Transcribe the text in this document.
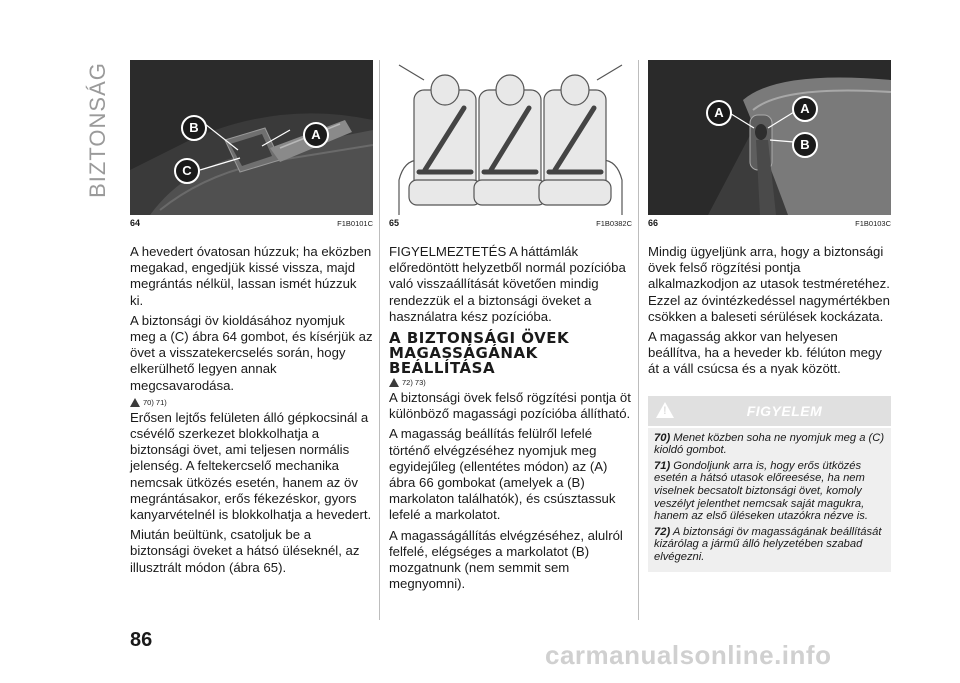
BIZTONSÁG	B	A
C
64	F1B0101C

A hevedert óvatosan húzzuk; ha eközben megakad, engedjük kissé vissza, majd megrántás nélkül, lassan ismét húzzuk ki.

A biztonsági öv kioldásához nyomjuk meg a (C) ábra 64 gombot, és kísérjük az övet a visszatekercselés során, hogy elkerülhető legyen annak megcsavarodása.

70) 71)

Erősen lejtős felületen álló gépkocsinál a csévélő szerkezet blokkolhatja a biztonsági övet, ami teljesen normális jelenség. A feltekercselő mechanika nemcsak ütközés esetén, hanem az öv megrántásakor, erős fékezéskor, gyors kanyarvételnél is blokkolhatja a hevedert.

Miután beültünk, csatoljuk be a biztonsági öveket a hátsó üléseknél, az illusztrált módon (ábra 65).

65	F1B0382C

FIGYELMEZTETÉS A háttámlák előredöntött helyzetből normál pozícióba való visszaállítását követően mindig rendezzük el a biztonsági öveket a használatra kész pozícióba.

A BIZTONSÁGI ÖVEK MAGASSÁGÁNAK BEÁLLÍTÁSA
72) 73)

A biztonsági övek felső rögzítési pontja öt különböző magassági pozícióba állítható.

A magasság beállítás felülről lefelé történő elvégzéséhez nyomjuk meg egyidejűleg (ellentétes módon) az (A) ábra 66 gombokat (amelyek a (B) markolaton találhatók), és csúsztassuk lefelé a markolatot.

A magasságállítás elvégzéséhez, alulról felfelé, elégséges a markolatot (B) mozgatnunk (nem semmit sem megnyomni).

A	A
B
66	F1B0103C

Mindig ügyeljünk arra, hogy a biztonsági övek felső rögzítési pontja alkalmazkodjon az utasok testméretéhez. Ezzel az óvintézkedéssel nagymértékben csökken a baleseti sérülések kockázata.

A magasság akkor van helyesen beállítva, ha a heveder kb. félúton megy át a váll csúcsa és a nyak között.

!
FIGYELEM

70) Menet közben soha ne nyomjuk meg a (C) kioldó gombot.

71) Gondoljunk arra is, hogy erős ütközés esetén a hátsó utasok előreesése, ha nem viselnek becsatolt biztonsági övet, komoly veszélyt jelenthet nemcsak saját magukra, hanem az első üléseken utazókra nézve is.

72) A biztonsági öv magasságának beállítását kizárólag a jármű álló helyzetében szabad elvégezni.

86	carmanualsonline.info
